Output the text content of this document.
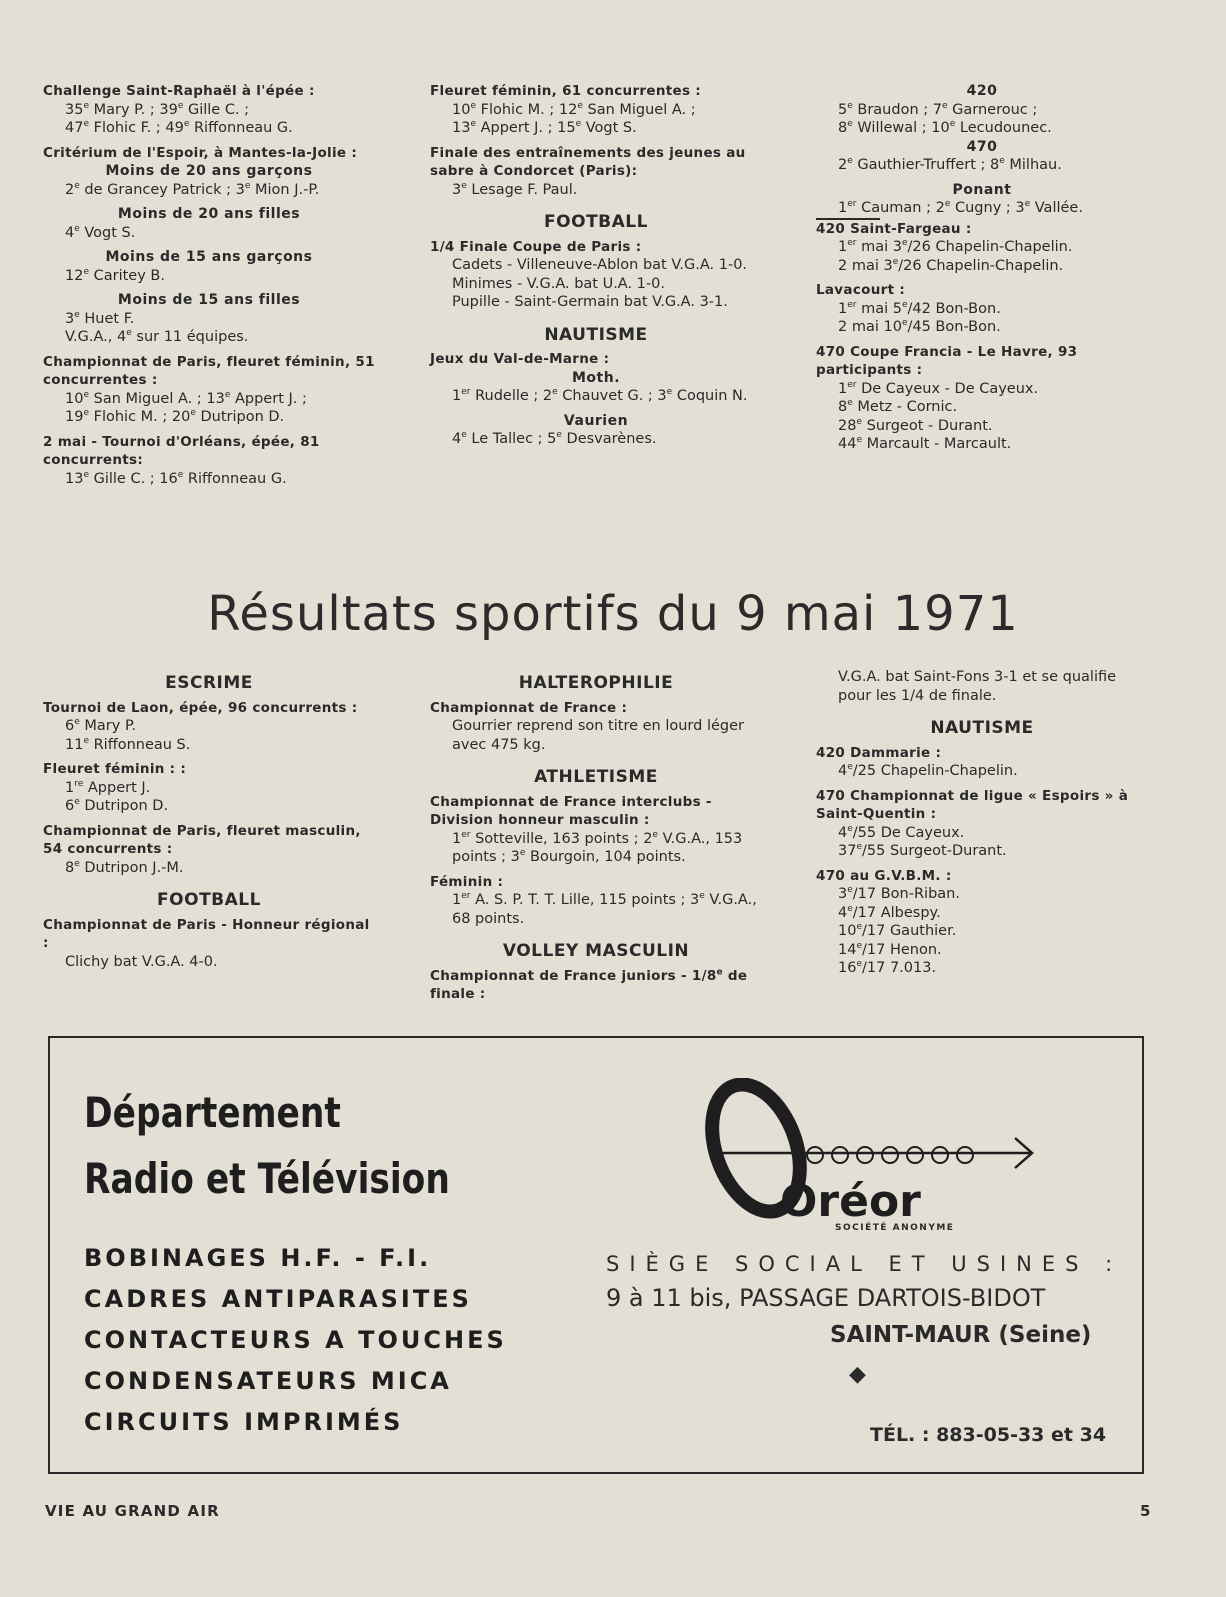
Challenge Saint-Raphaël à l'épée :

35e Mary P. ; 39e Gille C. ;

47e Flohic F. ; 49e Riffonneau G.

Critérium de l'Espoir, à Mantes-la-Jolie :

Moins de 20 ans garçons

2e de Grancey Patrick ; 3e Mion J.-P.

Moins de 20 ans filles

4e Vogt S.

Moins de 15 ans garçons

12e Caritey B.

Moins de 15 ans filles

3e Huet F.

V.G.A., 4e sur 11 équipes.

Championnat de Paris, fleuret féminin, 51 concurrentes :

10e San Miguel A. ; 13e Appert J. ;

19e Flohic M. ; 20e Dutripon D.

2 mai - Tournoi d'Orléans, épée, 81 concurrents:

13e Gille C. ; 16e Riffonneau G.

Fleuret féminin, 61 concurrentes :

10e Flohic M. ; 12e San Miguel A. ;

13e Appert J. ; 15e Vogt S.

Finale des entraînements des jeunes au sabre à Condorcet (Paris):

3e Lesage F. Paul.

FOOTBALL

1/4 Finale Coupe de Paris :

Cadets - Villeneuve-Ablon bat V.G.A. 1-0.

Minimes - V.G.A. bat U.A. 1-0.

Pupille - Saint-Germain bat V.G.A. 3-1.

NAUTISME

Jeux du Val-de-Marne :

Moth.

1er Rudelle ; 2e Chauvet G. ; 3e Coquin N.

Vaurien

4e Le Tallec ; 5e Desvarènes.

420

5e Braudon ; 7e Garnerouc ;

8e Willewal ; 10e Lecudounec.

470

2e Gauthier-Truffert ; 8e Milhau.

Ponant

1er Cauman ; 2e Cugny ; 3e Vallée.

420 Saint-Fargeau :

1er mai 3e/26 Chapelin-Chapelin.

2 mai 3e/26 Chapelin-Chapelin.

Lavacourt :

1er mai 5e/42 Bon-Bon.

2 mai 10e/45 Bon-Bon.

470 Coupe Francia - Le Havre, 93 participants :

1er De Cayeux - De Cayeux.

8e Metz - Cornic.

28e Surgeot - Durant.

44e Marcault - Marcault.

Résultats sportifs du 9 mai 1971

ESCRIME

Tournoi de Laon, épée, 96 concurrents :

6e Mary P.

11e Riffonneau S.

Fleuret féminin : :

1re Appert J.

6e Dutripon D.

Championnat de Paris, fleuret masculin, 54 concurrents :

8e Dutripon J.-M.

FOOTBALL

Championnat de Paris - Honneur régional :

Clichy bat V.G.A. 4-0.

HALTEROPHILIE

Championnat de France :

Gourrier reprend son titre en lourd léger avec 475 kg.

ATHLETISME

Championnat de France interclubs - Division honneur masculin :

1er Sotteville, 163 points ; 2e V.G.A., 153 points ; 3e Bourgoin, 104 points.

Féminin :

1er A. S. P. T. T. Lille, 115 points ; 3e V.G.A., 68 points.

VOLLEY MASCULIN

Championnat de France juniors - 1/8e de finale :

V.G.A. bat Saint-Fons 3-1 et se qualifie pour les 1/4 de finale.

NAUTISME

420 Dammarie :

4e/25 Chapelin-Chapelin.

470 Championnat de ligue « Espoirs » à Saint-Quentin :

4e/55 De Cayeux.

37e/55 Surgeot-Durant.

470 au G.V.B.M. :

3e/17 Bon-Riban.

4e/17 Albespy.

10e/17 Gauthier.

14e/17 Henon.

16e/17 7.013.

Département
Radio et Télévision
BOBINAGES H.F. - F.I.
CADRES ANTIPARASITES
CONTACTEURS A TOUCHES
CONDENSATEURS MICA
CIRCUITS IMPRIMÉS
Oréor
SOCIÉTÉ ANONYME
SIÈGE SOCIAL ET USINES :
9 à 11 bis, PASSAGE DARTOIS-BIDOT
SAINT-MAUR (Seine)
◆
TÉL. : 883-05-33 et 34
VIE AU GRAND AIR	5
